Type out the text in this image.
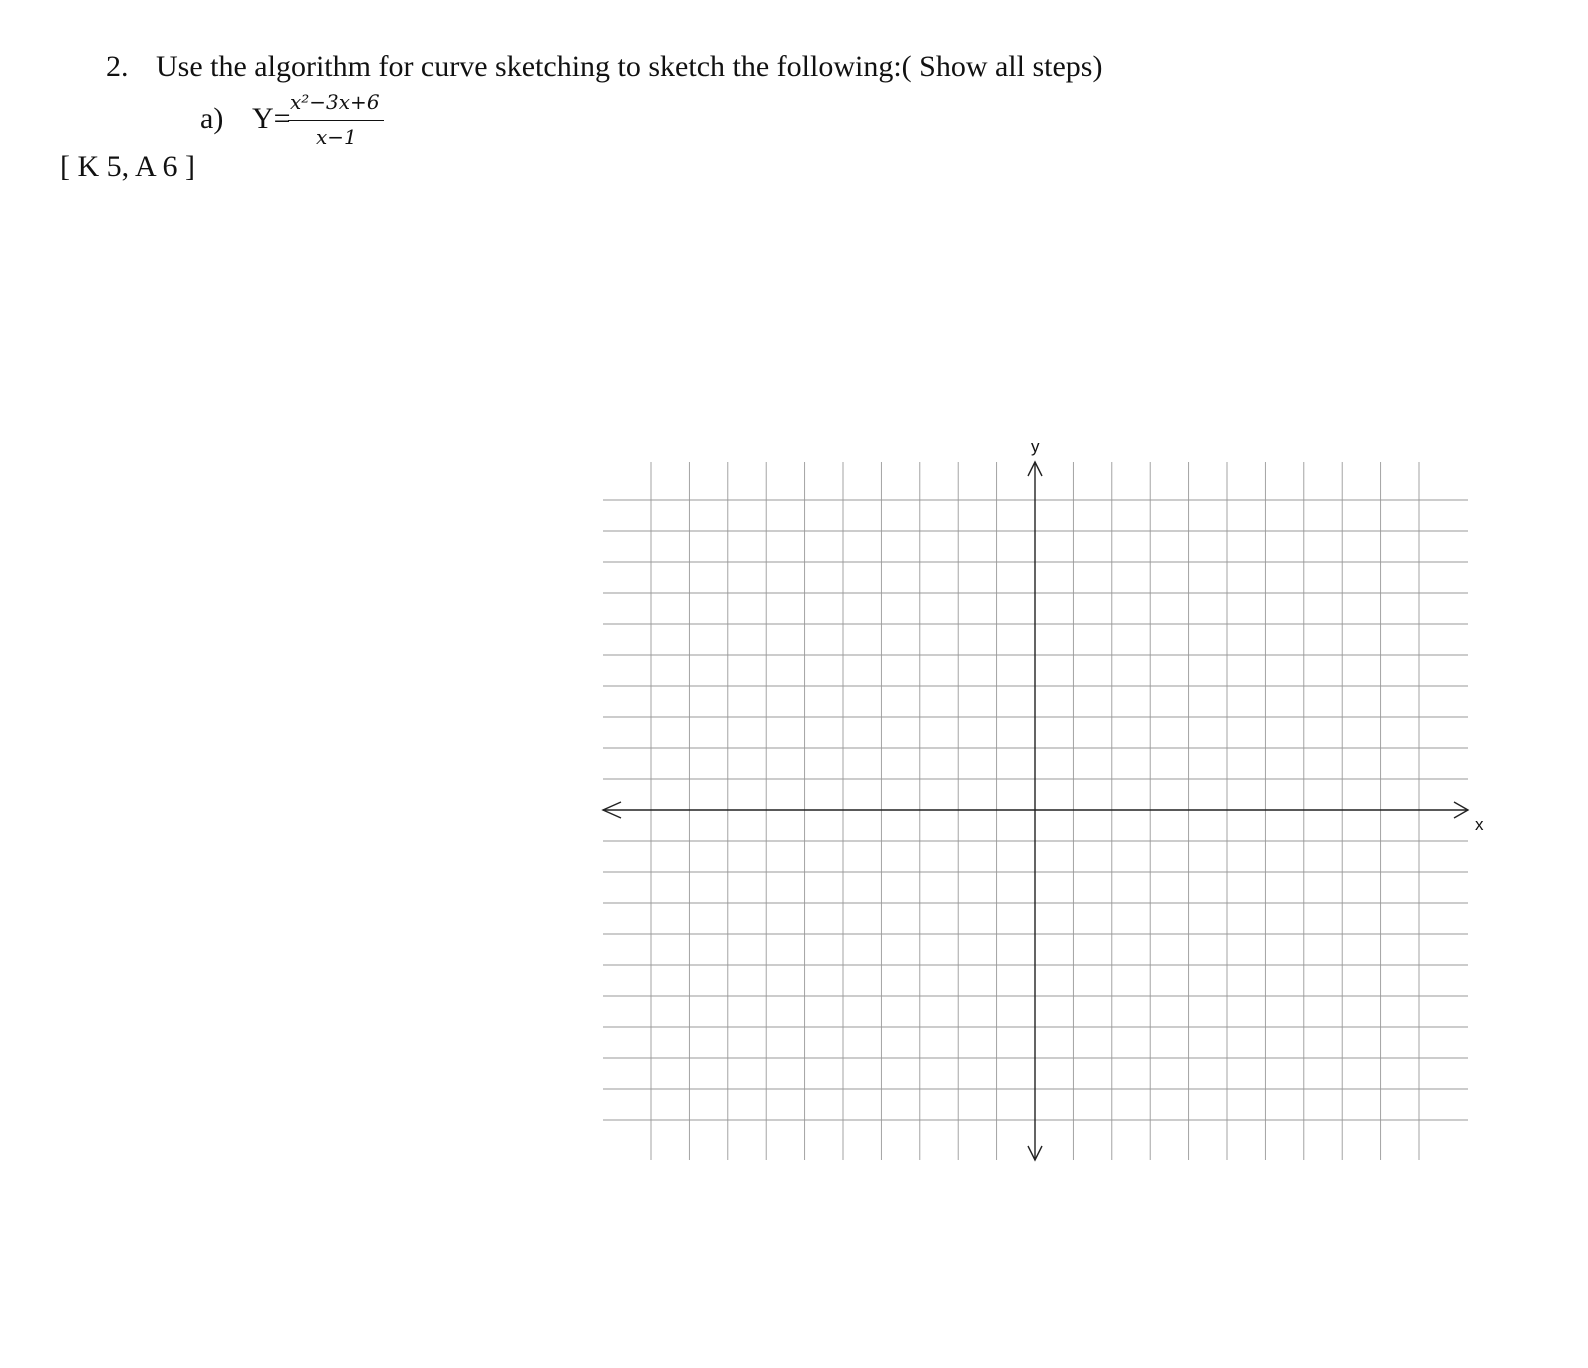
2. Use the algorithm for curve sketching to sketch the following:( Show all steps)
a) Y= x²−3x+6
x−1
[ K 5, A 6 ]
y
x
